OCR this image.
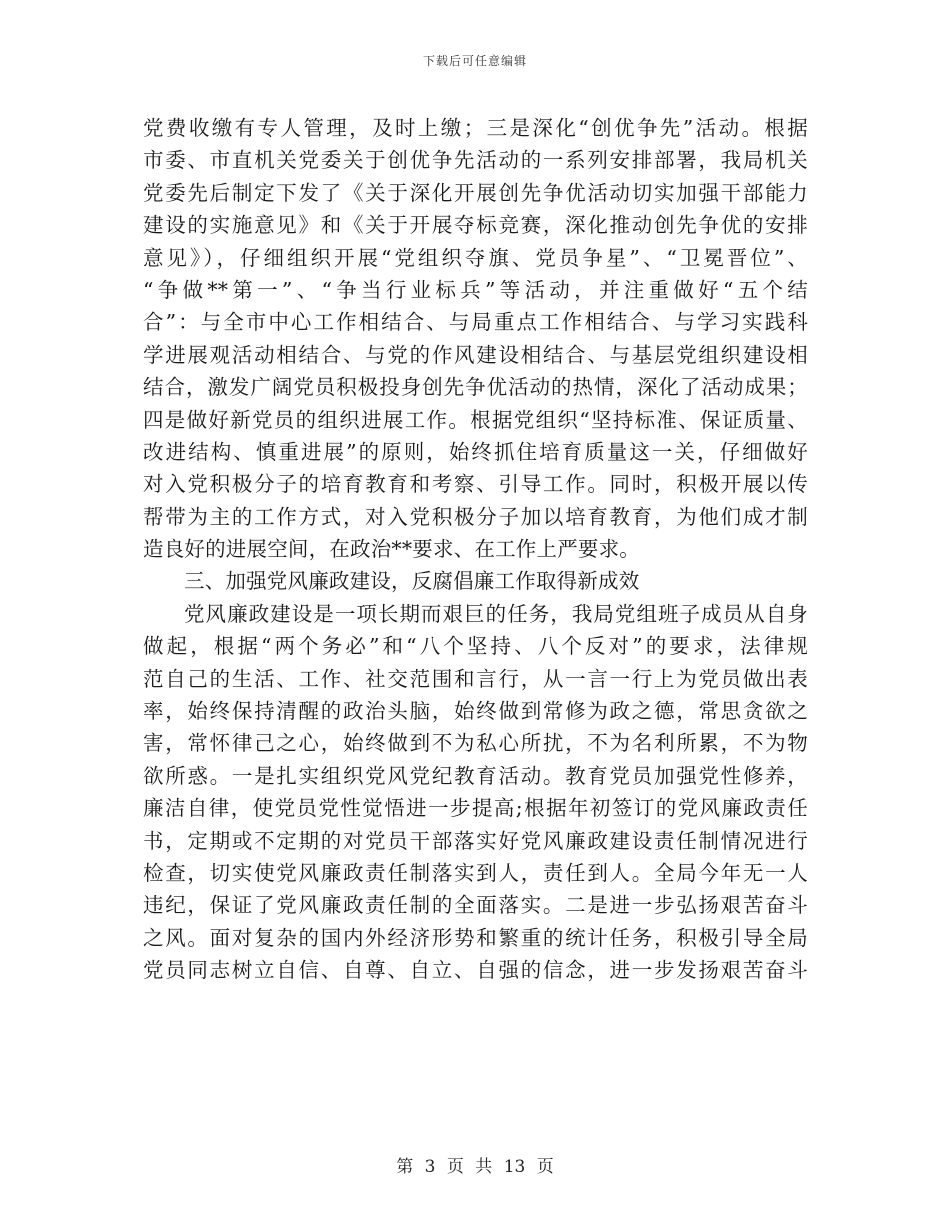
下载后可任意编辑
党费收缴有专人管理，及时上缴；三是深化“创优争先”活动。根据
市委、市直机关党委关于创优争先活动的一系列安排部署，我局机关
党委先后制定下发了《关于深化开展创先争优活动切实加强干部能力
建设的实施意见》和《关于开展夺标竞赛，深化推动创先争优的安排
意见》），仔细组织开展“党组织夺旗、党员争星”、“卫冕晋位”、
“争做**第一”、“争当行业标兵”等活动，并注重做好“五个结
合”：与全市中心工作相结合、与局重点工作相结合、与学习实践科
学进展观活动相结合、与党的作风建设相结合、与基层党组织建设相
结合，激发广阔党员积极投身创先争优活动的热情，深化了活动成果；
四是做好新党员的组织进展工作。根据党组织“坚持标准、保证质量、
改进结构、慎重进展”的原则，始终抓住培育质量这一关，仔细做好
对入党积极分子的培育教育和考察、引导工作。同时，积极开展以传
帮带为主的工作方式，对入党积极分子加以培育教育，为他们成才制
造良好的进展空间，在政治**要求、在工作上严要求。
三、加强党风廉政建设，反腐倡廉工作取得新成效
党风廉政建设是一项长期而艰巨的任务，我局党组班子成员从自身
做起，根据“两个务必”和“八个坚持、八个反对”的要求，法律规
范自己的生活、工作、社交范围和言行，从一言一行上为党员做出表
率，始终保持清醒的政治头脑，始终做到常修为政之德，常思贪欲之
害，常怀律己之心，始终做到不为私心所扰，不为名利所累，不为物
欲所惑。一是扎实组织党风党纪教育活动。教育党员加强党性修养，
廉洁自律，使党员党性觉悟进一步提高;根据年初签订的党风廉政责任
书，定期或不定期的对党员干部落实好党风廉政建设责任制情况进行
检查，切实使党风廉政责任制落实到人，责任到人。全局今年无一人
违纪，保证了党风廉政责任制的全面落实。二是进一步弘扬艰苦奋斗
之风。面对复杂的国内外经济形势和繁重的统计任务，积极引导全局
党员同志树立自信、自尊、自立、自强的信念，进一步发扬艰苦奋斗
第 3 页 共 13 页
